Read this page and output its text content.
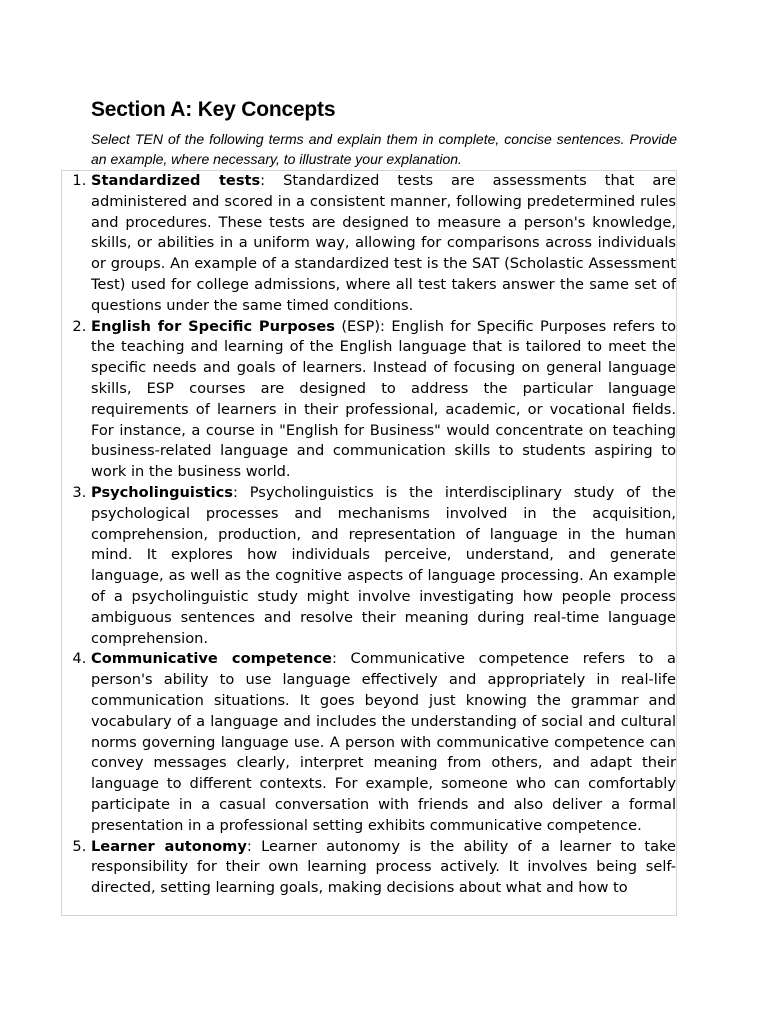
Section A: Key Concepts

Select TEN of the following terms and explain them in complete, concise sentences. Provide an example, where necessary, to illustrate your explanation.

1. Standardized tests: Standardized tests are assessments that are administered and scored in a consistent manner, following predetermined rules and procedures. These tests are designed to measure a person's knowledge, skills, or abilities in a uniform way, allowing for comparisons across individuals or groups. An example of a standardized test is the SAT (Scholastic Assessment Test) used for college admissions, where all test takers answer the same set of questions under the same timed conditions.
2. English for Specific Purposes (ESP): English for Specific Purposes refers to the teaching and learning of the English language that is tailored to meet the specific needs and goals of learners. Instead of focusing on general language skills, ESP courses are designed to address the particular language requirements of learners in their professional, academic, or vocational fields. For instance, a course in "English for Business" would concentrate on teaching business-related language and communication skills to students aspiring to work in the business world.
3. Psycholinguistics: Psycholinguistics is the interdisciplinary study of the psychological processes and mechanisms involved in the acquisition, comprehension, production, and representation of language in the human mind. It explores how individuals perceive, understand, and generate language, as well as the cognitive aspects of language processing. An example of a psycholinguistic study might involve investigating how people process ambiguous sentences and resolve their meaning during real-time language comprehension.
4. Communicative competence: Communicative competence refers to a person's ability to use language effectively and appropriately in real-life communication situations. It goes beyond just knowing the grammar and vocabulary of a language and includes the understanding of social and cultural norms governing language use. A person with communicative competence can convey messages clearly, interpret meaning from others, and adapt their language to different contexts. For example, someone who can comfortably participate in a casual conversation with friends and also deliver a formal presentation in a professional setting exhibits communicative competence.
5. Learner autonomy: Learner autonomy is the ability of a learner to take responsibility for their own learning process actively. It involves being self-directed, setting learning goals, making decisions about what and how to
